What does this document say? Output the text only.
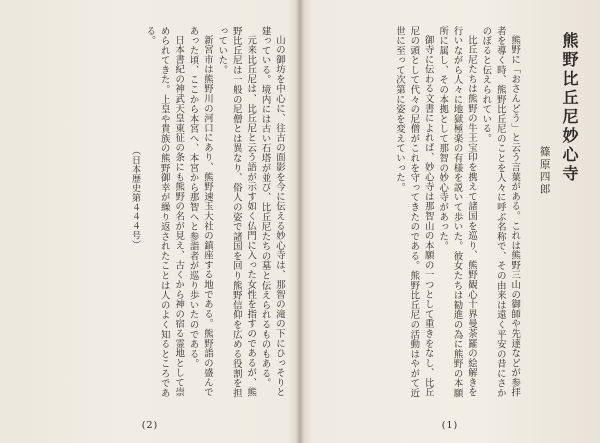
山の御坊を中心に、往古の面影を今に伝える妙心寺は、那智の滝の下にひっそりと建っている。境内には古い石塔が並び、比丘尼たちの墓と伝えられるものもある。

元来比丘尼は、比丘尼と云う語が示す如く仏門に入った女性を指すのであるが、熊野比丘尼は一般の尼僧とは異なり、俗人の姿で諸国を回り熊野信仰を広める役割を担っていた。

新宮市は熊野川の河口にあり、熊野速玉大社の鎮座する地である。熊野詣の盛んであった頃、ここから本宮へ、本宮から那智へと参詣者が巡り歩いたのである。

日本書紀の神武天皇東征の条にも熊野の名が見え、古くから神の宿る霊地として崇められてきた。上皇や貴族の熊野御幸が繰り返されたことは人のよく知るところである。

（日本歴史第４４４号）

(2)
熊野比丘尼妙心寺
篠原四郎

熊野に「おさんどう」と云う言葉がある。これは熊野三山の御師や先達などが参拝者を導く時、熊野比丘尼のことを人々に呼ぶ名称で、その由来は遠く平安の昔にさかのぼると伝えられている。

比丘尼たちは熊野の牛王宝印を携えて諸国を巡り、熊野観心十界曼荼羅の絵解きを行いながら人々に地獄極楽の有様を説いて歩いた。彼女たちは勧進の為に熊野の本願所に属し、その本拠として那智の妙心寺があった。

御寺に伝わる文書によれば、妙心寺は那智山の本願の一つとして重きをなし、比丘尼の頭として代々の尼僧がこれを守ってきたのである。熊野比丘尼の活動はやがて近世に至って次第に姿を変えていった。

(1)
